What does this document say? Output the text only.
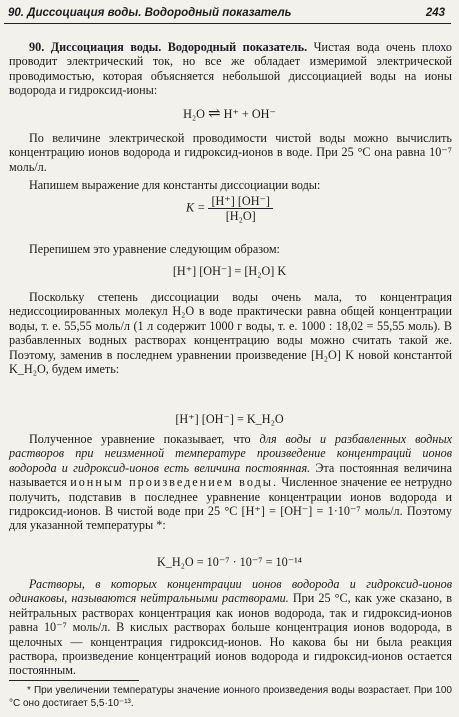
90. Диссоциация воды. Водородный показатель	243
90. Диссоциация воды. Водородный показатель. Чистая вода очень плохо проводит электрический ток, но все же обладает измеримой электрической проводимостью, которая объясняется небольшой диссоциацией воды на ионы водорода и гидроксид-ионы:
H₂O ⇌ H⁺ + OH⁻
По величине электрической проводимости чистой воды можно вычислить концентрацию ионов водорода и гидроксид-ионов в воде. При 25 °С она равна 10⁻⁷ моль/л.
Напишем выражение для константы диссоциации воды:
$K = \frac{[H^+] [OH^-]}{\text{[H₂O]}}$
Перепишем это уравнение следующим образом:
[H⁺] [OH⁻] = [H₂O] K
Поскольку степень диссоциации воды очень мала, то концентрация недиссоциированных молекул H₂O в воде практически равна общей концентрации воды, т. е. 55,55 моль/л (1 л содержит 1000 г воды, т. е. 1000 : 18,02 = 55,55 моль). В разбавленных водных растворах концентрацию воды можно считать такой же. Поэтому, заменив в последнем уравнении произведение [H₂O] K новой константой K_H₂O, будем иметь:
[H⁺] [OH⁻] = K_H₂O
Полученное уравнение показывает, что для воды и разбавленных водных растворов при неизменной температуре произведение концентраций ионов водорода и гидроксид-ионов есть величина постоянная. Эта постоянная величина называется ионным произведением воды. Численное значение ее нетрудно получить, подставив в последнее уравнение концентрации ионов водорода и гидроксид-ионов. В чистой воде при 25 °С [H⁺] = [OH⁻] = 1·10⁻⁷ моль/л. Поэтому для указанной температуры *:
K_H₂O = 10⁻⁷ · 10⁻⁷ = 10⁻¹⁴
Растворы, в которых концентрации ионов водорода и гидроксид-ионов одинаковы, называются нейтральными растворами. При 25 °С, как уже сказано, в нейтральных растворах концентрация как ионов водорода, так и гидроксид-ионов равна 10⁻⁷ моль/л. В кислых растворах больше концентрация ионов водорода, в щелочных — концентрация гидроксид-ионов. Но какова бы ни была реакция раствора, произведение концентраций ионов водорода и гидроксид-ионов остается постоянным.
* При увеличении температуры значение ионного произведения воды возрастает. При 100 °С оно достигает 5,5·10⁻¹³.
